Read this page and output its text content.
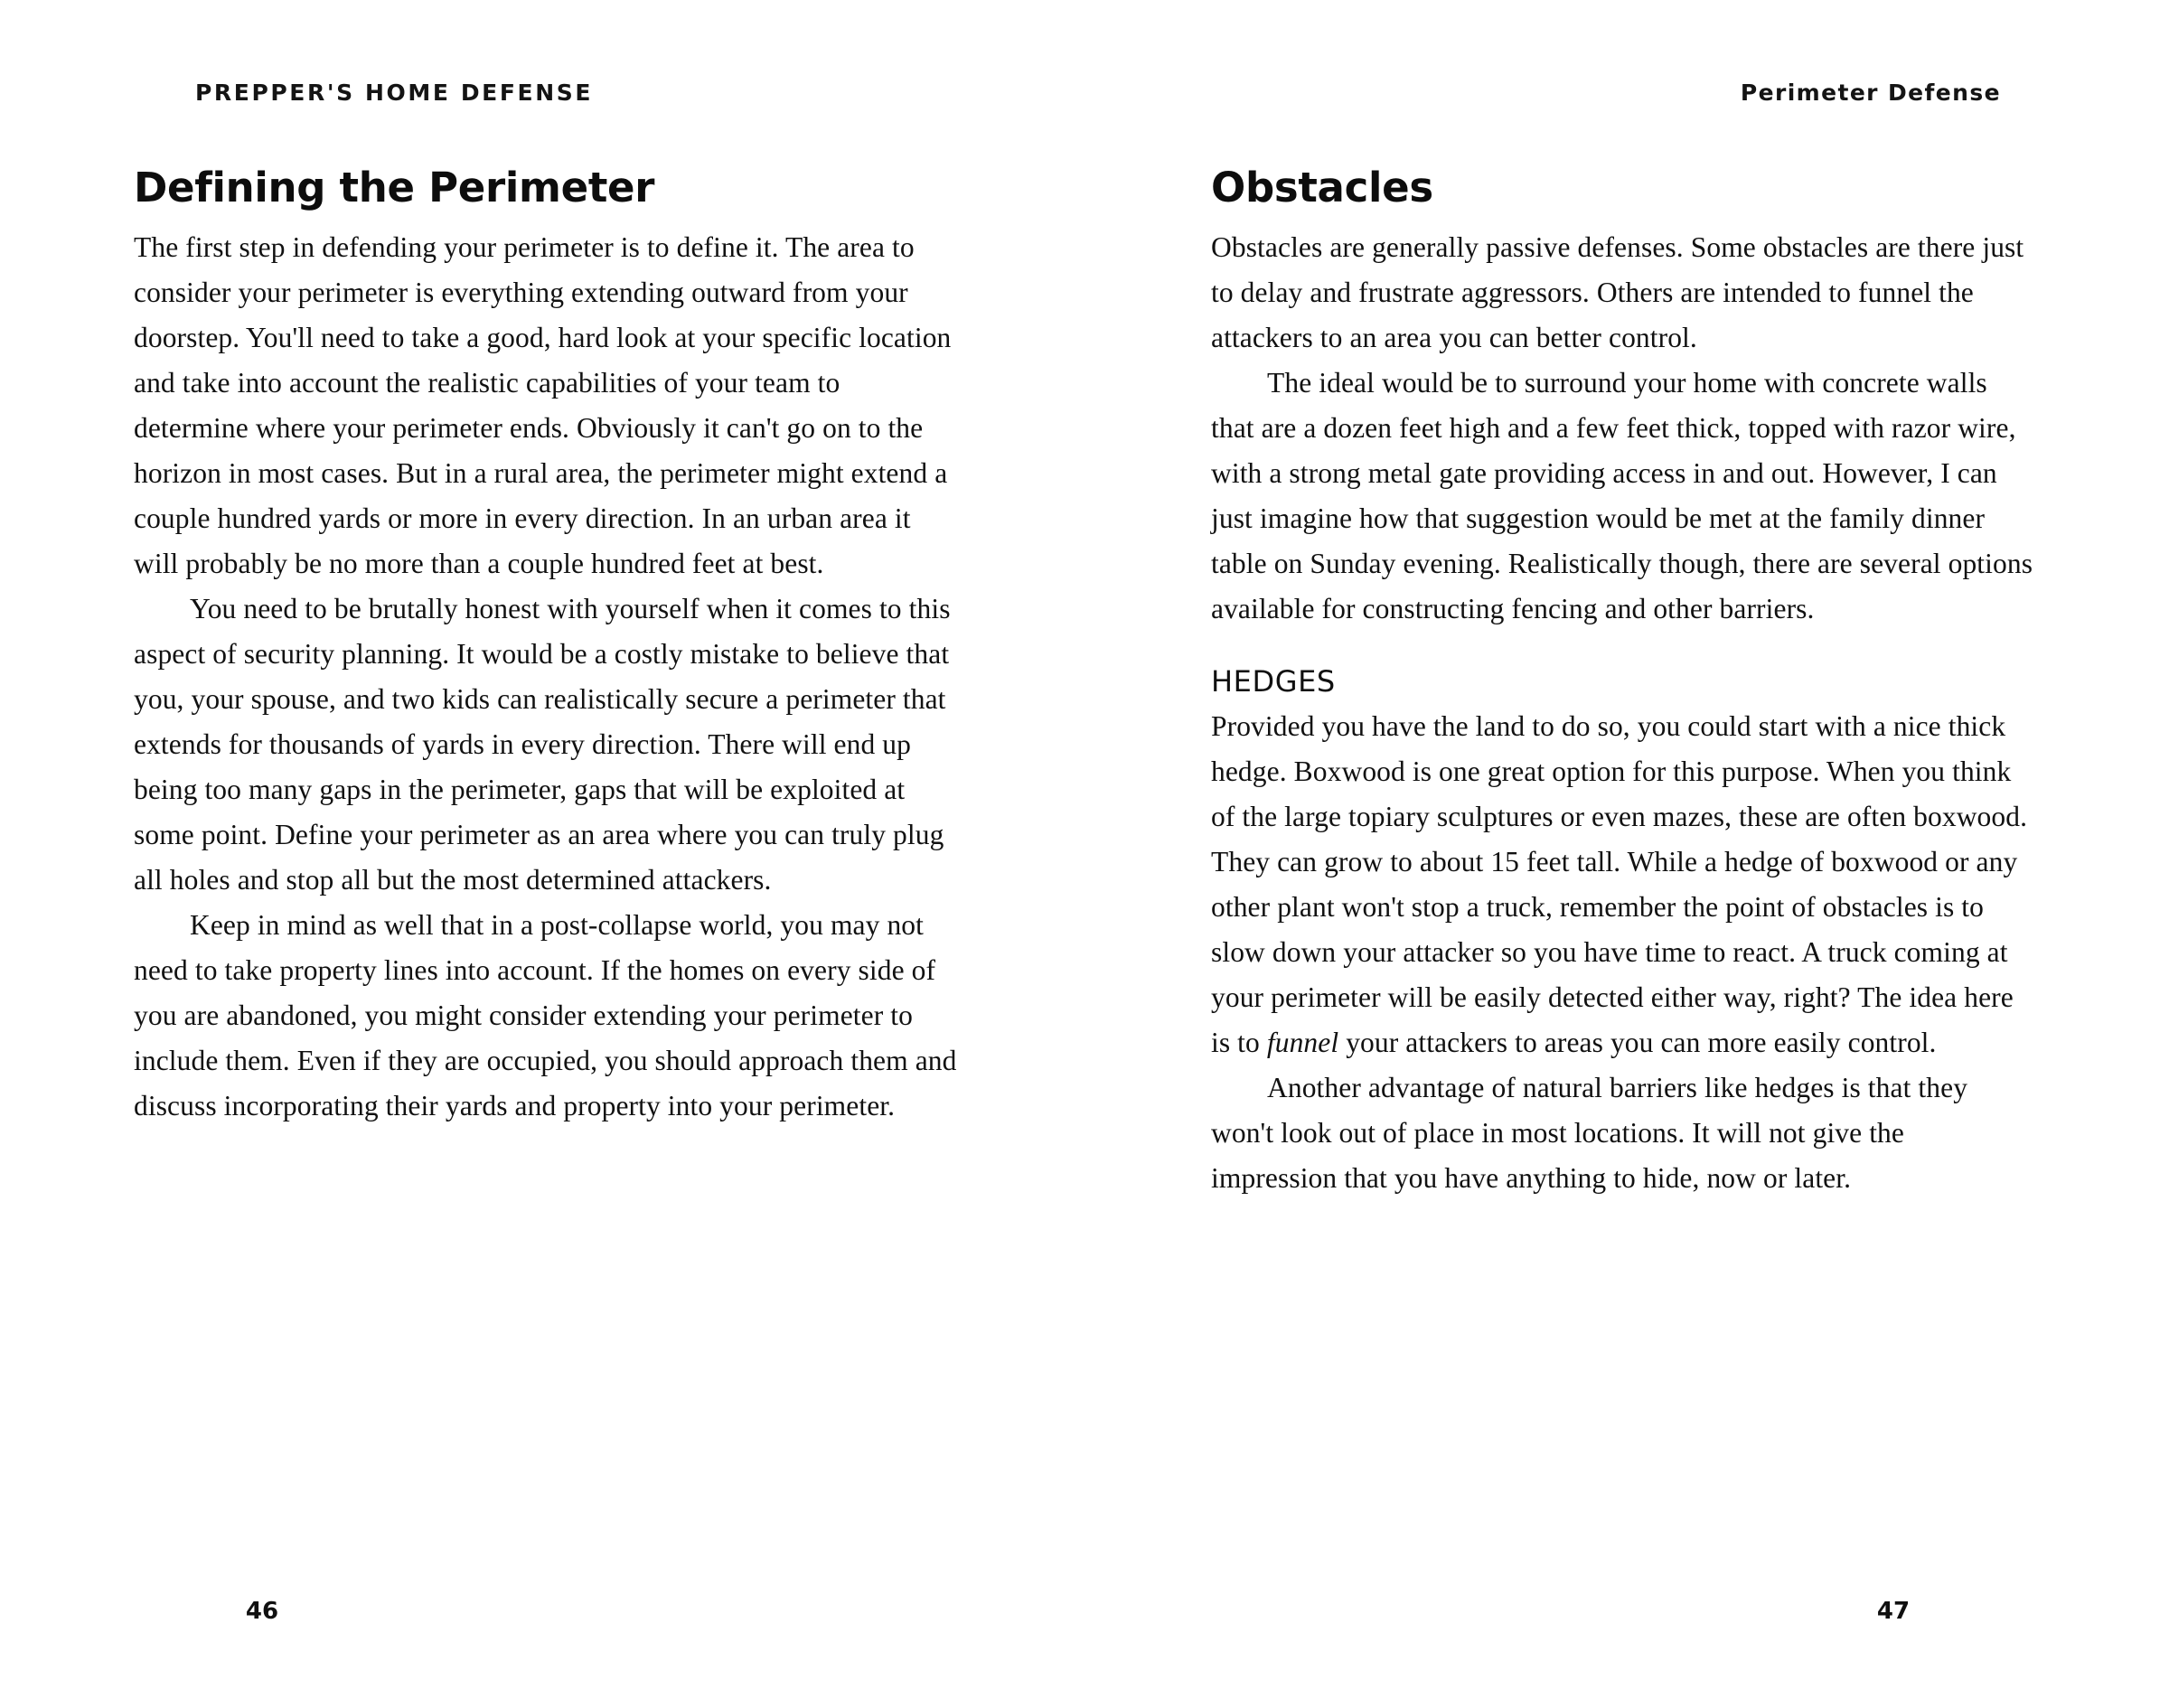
PREPPER'S HOME DEFENSE
Defining the Perimeter

The first step in defending your perimeter is to define it. The area to consider your perimeter is everything extending outward from your doorstep. You'll need to take a good, hard look at your specific location and take into account the realistic capabilities of your team to determine where your perimeter ends. Obviously it can't go on to the horizon in most cases. But in a rural area, the perimeter might extend a couple hundred yards or more in every direction. In an urban area it will probably be no more than a couple hundred feet at best.

You need to be brutally honest with yourself when it comes to this aspect of security planning. It would be a costly mistake to believe that you, your spouse, and two kids can realistically secure a perimeter that extends for thousands of yards in every direction. There will end up being too many gaps in the perimeter, gaps that will be exploited at some point. Define your perimeter as an area where you can truly plug all holes and stop all but the most determined attackers.

Keep in mind as well that in a post-collapse world, you may not need to take property lines into account. If the homes on every side of you are abandoned, you might consider extending your perimeter to include them. Even if they are occupied, you should approach them and discuss incorporating their yards and property into your perimeter.

46
Perimeter Defense
Obstacles

Obstacles are generally passive defenses. Some obstacles are there just to delay and frustrate aggressors. Others are intended to funnel the attackers to an area you can better control.

The ideal would be to surround your home with concrete walls that are a dozen feet high and a few feet thick, topped with razor wire, with a strong metal gate providing access in and out. However, I can just imagine how that suggestion would be met at the family dinner table on Sunday evening. Realistically though, there are several options available for constructing fencing and other barriers.

HEDGES

Provided you have the land to do so, you could start with a nice thick hedge. Boxwood is one great option for this purpose. When you think of the large topiary sculptures or even mazes, these are often boxwood. They can grow to about 15 feet tall. While a hedge of boxwood or any other plant won't stop a truck, remember the point of obstacles is to slow down your attacker so you have time to react. A truck coming at your perimeter will be easily detected either way, right? The idea here is to funnel your attackers to areas you can more easily control.

Another advantage of natural barriers like hedges is that they won't look out of place in most locations. It will not give the impression that you have anything to hide, now or later.

47
